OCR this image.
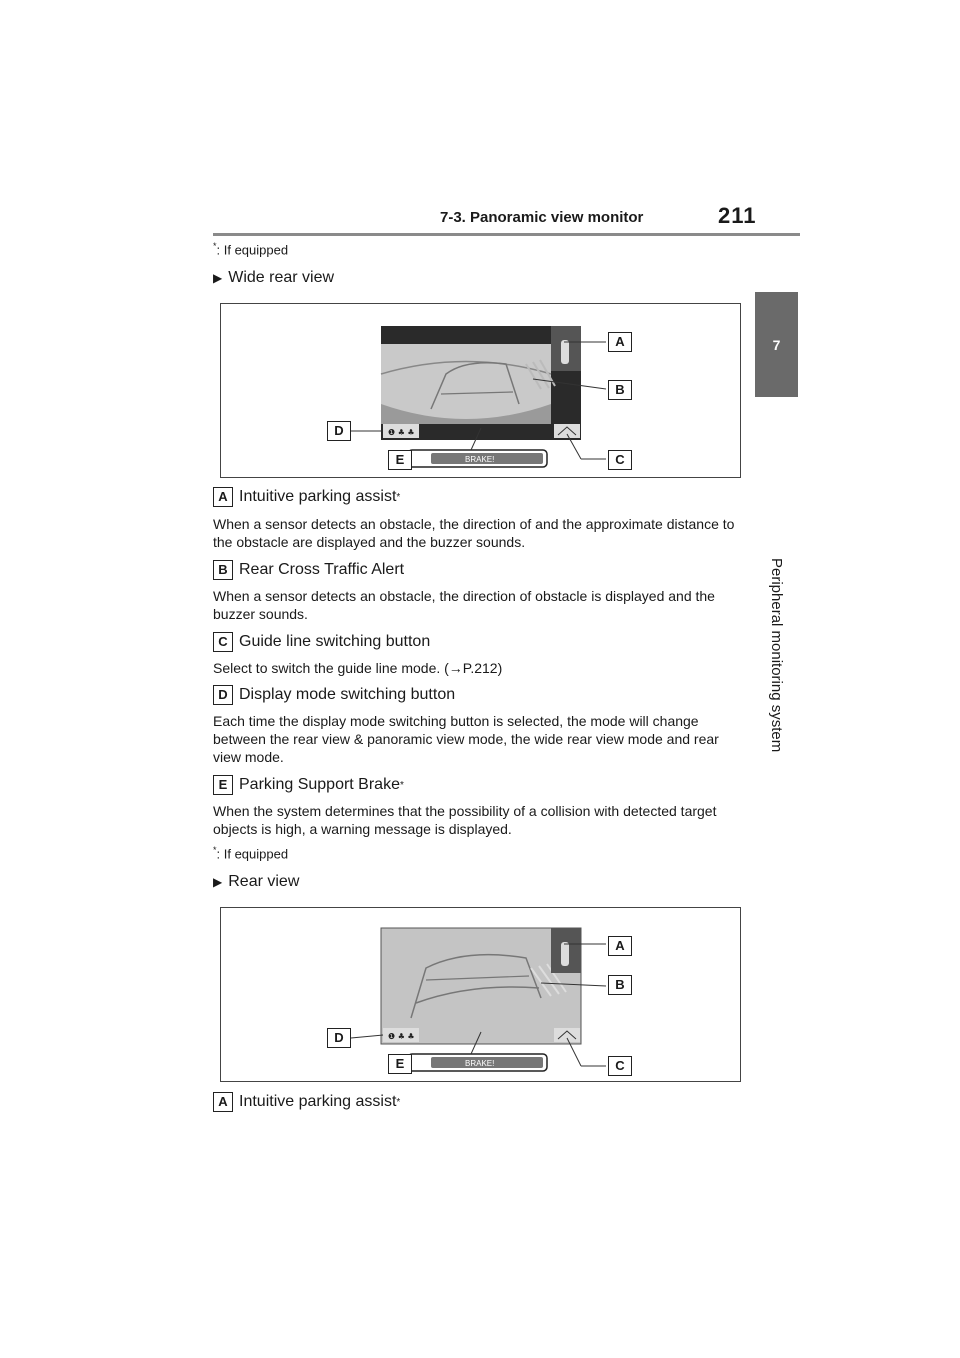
7-3. Panoramic view monitor	211
7
Peripheral monitoring system
*: If equipped
▶ Wide rear view
❶ ♣ ♣
BRAKE!
A
B
C
D
E
A Intuitive parking assist *
When a sensor detects an obstacle, the direction of and the approximate distance to the obstacle are displayed and the buzzer sounds.
B Rear Cross Traffic Alert
When a sensor detects an obstacle, the direction of obstacle is displayed and the buzzer sounds.
C Guide line switching button
Select to switch the guide line mode. (→P.212)
D Display mode switching button
Each time the display mode switching button is selected, the mode will change between the rear view & panoramic view mode, the wide rear view mode and rear view mode.
E Parking Support Brake *
When the system determines that the possibility of a collision with detected target objects is high, a warning message is displayed.
*: If equipped
▶ Rear view
❶ ♣ ♣
BRAKE!
A
B
C
D
E
A Intuitive parking assist *
